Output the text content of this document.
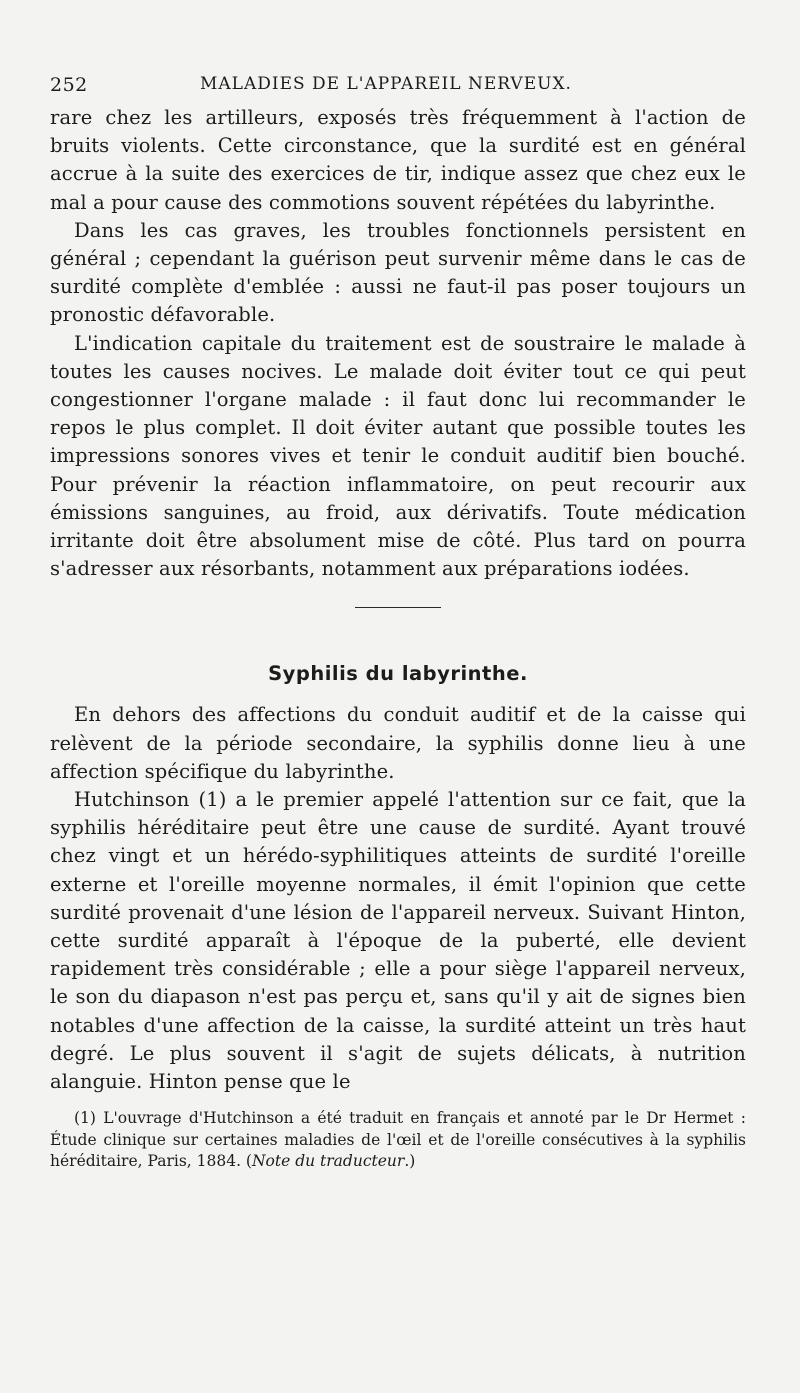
252	MALADIES DE L'APPAREIL NERVEUX.

rare chez les artilleurs, exposés très fréquemment à l'action de bruits violents. Cette circonstance, que la surdité est en général accrue à la suite des exercices de tir, indique assez que chez eux le mal a pour cause des commotions souvent répétées du labyrinthe.

Dans les cas graves, les troubles fonctionnels persistent en général ; cependant la guérison peut survenir même dans le cas de surdité complète d'emblée : aussi ne faut-il pas poser toujours un pronostic défavorable.

L'indication capitale du traitement est de soustraire le malade à toutes les causes nocives. Le malade doit éviter tout ce qui peut congestionner l'organe malade : il faut donc lui recommander le repos le plus complet. Il doit éviter autant que possible toutes les impressions sonores vives et tenir le conduit auditif bien bouché. Pour prévenir la réaction inflammatoire, on peut recourir aux émissions sanguines, au froid, aux dérivatifs. Toute médication irritante doit être absolument mise de côté. Plus tard on pourra s'adresser aux résorbants, notamment aux préparations iodées.

Syphilis du labyrinthe.

En dehors des affections du conduit auditif et de la caisse qui relèvent de la période secondaire, la syphilis donne lieu à une affection spécifique du labyrinthe.

Hutchinson (1) a le premier appelé l'attention sur ce fait, que la syphilis héréditaire peut être une cause de surdité. Ayant trouvé chez vingt et un hérédo-syphilitiques atteints de surdité l'oreille externe et l'oreille moyenne normales, il émit l'opinion que cette surdité provenait d'une lésion de l'appareil nerveux. Suivant Hinton, cette surdité apparaît à l'époque de la puberté, elle devient rapidement très considérable ; elle a pour siège l'appareil nerveux, le son du diapason n'est pas perçu et, sans qu'il y ait de signes bien notables d'une affection de la caisse, la surdité atteint un très haut degré. Le plus souvent il s'agit de sujets délicats, à nutrition alanguie. Hinton pense que le

(1) L'ouvrage d'Hutchinson a été traduit en français et annoté par le Dr Hermet : Étude clinique sur certaines maladies de l'œil et de l'oreille consécutives à la syphilis héréditaire, Paris, 1884. (Note du traducteur.)
